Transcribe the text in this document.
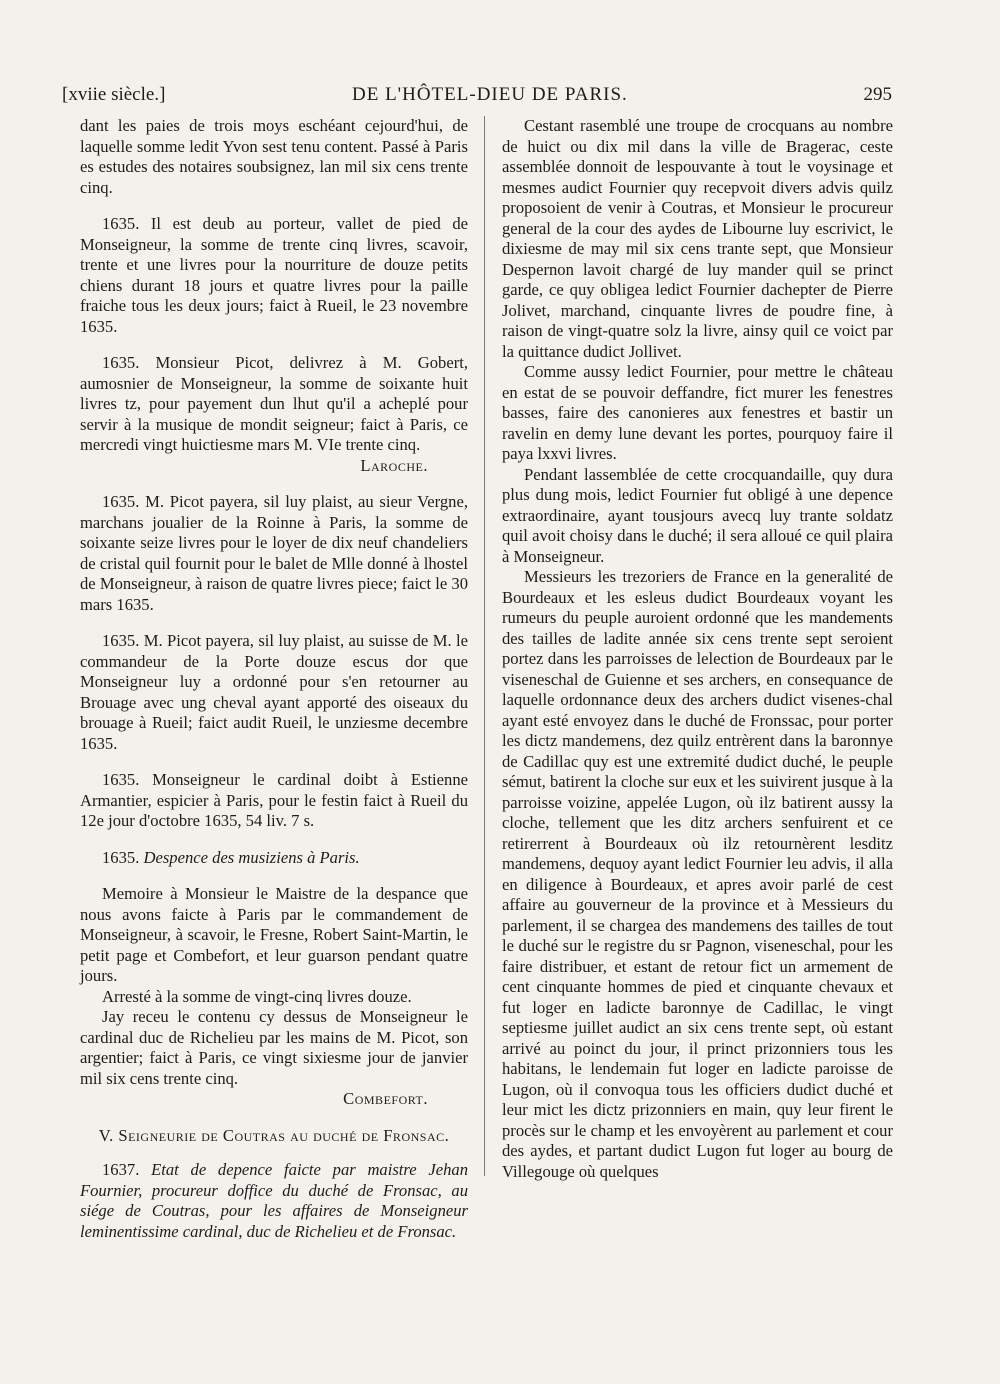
[xviie siècle.]	DE L'HÔTEL-DIEU DE PARIS.	295

dant les paies de trois moys eschéant cejourd'hui, de laquelle somme ledit Yvon sest tenu content. Passé à Paris es estudes des notaires soubsignez, lan mil six cens trente cinq.

1635. Il est deub au porteur, vallet de pied de Monseigneur, la somme de trente cinq livres, scavoir, trente et une livres pour la nourriture de douze petits chiens durant 18 jours et quatre livres pour la paille fraiche tous les deux jours; faict à Rueil, le 23 novembre 1635.

1635. Monsieur Picot, delivrez à M. Gobert, aumosnier de Monseigneur, la somme de soixante huit livres tz, pour payement dun lhut qu'il a acheplé pour servir à la musique de mondit seigneur; faict à Paris, ce mercredi vingt huictiesme mars M. VIe trente cinq.

Laroche.

1635. M. Picot payera, sil luy plaist, au sieur Vergne, marchans joualier de la Roinne à Paris, la somme de soixante seize livres pour le loyer de dix neuf chandeliers de cristal quil fournit pour le balet de Mlle donné à lhostel de Monseigneur, à raison de quatre livres piece; faict le 30 mars 1635.

1635. M. Picot payera, sil luy plaist, au suisse de M. le commandeur de la Porte douze escus dor que Monseigneur luy a ordonné pour s'en retourner au Brouage avec ung cheval ayant apporté des oiseaux du brouage à Rueil; faict audit Rueil, le unziesme decembre 1635.

1635. Monseigneur le cardinal doibt à Estienne Armantier, espicier à Paris, pour le festin faict à Rueil du 12e jour d'octobre 1635, 54 liv. 7 s.

1635. Despence des musiziens à Paris.

Memoire à Monsieur le Maistre de la despance que nous avons faicte à Paris par le commandement de Monseigneur, à scavoir, le Fresne, Robert Saint-Martin, le petit page et Combefort, et leur guarson pendant quatre jours.

Arresté à la somme de vingt-cinq livres douze.

Jay receu le contenu cy dessus de Monseigneur le cardinal duc de Richelieu par les mains de M. Picot, son argentier; faict à Paris, ce vingt sixiesme jour de janvier mil six cens trente cinq.

Combefort.
V. Seigneurie de Coutras au duché de Fronsac.

1637. Etat de depence faicte par maistre Jehan Fournier, procureur doffice du duché de Fronsac, au siége de Coutras, pour les affaires de Monseigneur leminentissime cardinal, duc de Richelieu et de Fronsac.

Cestant rasemblé une troupe de crocquans au nombre de huict ou dix mil dans la ville de Bragerac, ceste assemblée donnoit de lespouvante à tout le voysinage et mesmes audict Fournier quy recepvoit divers advis quilz proposoient de venir à Coutras, et Monsieur le procureur general de la cour des aydes de Libourne luy escrivict, le dixiesme de may mil six cens trante sept, que Monsieur Despernon lavoit chargé de luy mander quil se princt garde, ce quy obligea ledict Fournier dachepter de Pierre Jolivet, marchand, cinquante livres de poudre fine, à raison de vingt-quatre solz la livre, ainsy quil ce voict par la quittance dudict Jollivet.

Comme aussy ledict Fournier, pour mettre le château en estat de se pouvoir deffandre, fict murer les fenestres basses, faire des canonieres aux fenestres et bastir un ravelin en demy lune devant les portes, pourquoy faire il paya lxxvi livres.

Pendant lassemblée de cette crocquandaille, quy dura plus dung mois, ledict Fournier fut obligé à une depence extraordinaire, ayant tousjours avecq luy trante soldatz quil avoit choisy dans le duché; il sera alloué ce quil plaira à Monseigneur.

Messieurs les trezoriers de France en la generalité de Bourdeaux et les esleus dudict Bourdeaux voyant les rumeurs du peuple auroient ordonné que les mandements des tailles de ladite année six cens trente sept seroient portez dans les parroisses de lelection de Bourdeaux par le viseneschal de Guienne et ses archers, en consequance de laquelle ordonnance deux des archers dudict visenes-chal ayant esté envoyez dans le duché de Fronssac, pour porter les dictz mandemens, dez quilz entrèrent dans la baronnye de Cadillac quy est une extremité dudict duché, le peuple sémut, batirent la cloche sur eux et les suivirent jusque à la parroisse voizine, appelée Lugon, où ilz batirent aussy la cloche, tellement que les ditz archers senfuirent et ce retirerrent à Bourdeaux où ilz retournèrent lesditz mandemens, dequoy ayant ledict Fournier leu advis, il alla en diligence à Bourdeaux, et apres avoir parlé de cest affaire au gouverneur de la province et à Messieurs du parlement, il se chargea des mandemens des tailles de tout le duché sur le registre du sr Pagnon, viseneschal, pour les faire distribuer, et estant de retour fict un armement de cent cinquante hommes de pied et cinquante chevaux et fut loger en ladicte baronnye de Cadillac, le vingt septiesme juillet audict an six cens trente sept, où estant arrivé au poinct du jour, il princt prizonniers tous les habitans, le lendemain fut loger en ladicte paroisse de Lugon, où il convoqua tous les officiers dudict duché et leur mict les dictz prizonniers en main, quy leur firent le procès sur le champ et les envoyèrent au parlement et cour des aydes, et partant dudict Lugon fut loger au bourg de Villegouge où quelques
